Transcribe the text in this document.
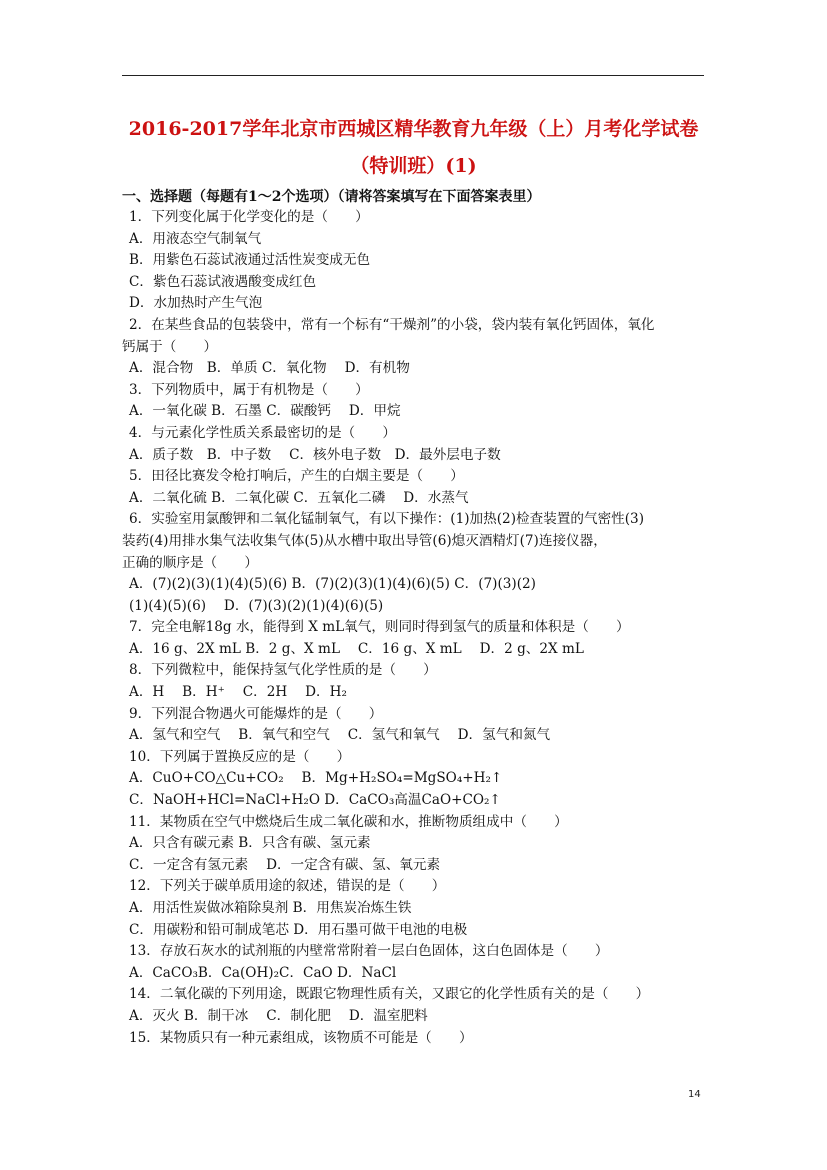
2016-2017学年北京市西城区精华教育九年级（上）月考化学试卷
（特训班）(1)
一、选择题（每题有1～2个选项）（请将答案填写在下面答案表里）
1．下列变化属于化学变化的是（　　）
A．用液态空气制氧气
B．用紫色石蕊试液通过活性炭变成无色
C．紫色石蕊试液遇酸变成红色
D．水加热时产生气泡
2．在某些食品的包装袋中，常有一个标有“干燥剂”的小袋，袋内装有氧化钙固体，氧化
钙属于（　　）
A．混合物　B．单质 C．氧化物　 D．有机物
3．下列物质中，属于有机物是（　　）
A．一氧化碳 B．石墨 C．碳酸钙　 D．甲烷
4．与元素化学性质关系最密切的是（　　）
A．质子数　B．中子数　 C．核外电子数　D．最外层电子数
5．田径比赛发令枪打响后，产生的白烟主要是（　　）
A．二氧化硫 B．二氧化碳 C．五氧化二磷　 D．水蒸气
6．实验室用氯酸钾和二氧化锰制氧气，有以下操作：(1)加热(2)检查装置的气密性(3)
装药(4)用排水集气法收集气体(5)从水槽中取出导管(6)熄灭酒精灯(7)连接仪器，
正确的顺序是（　　）
A．(7)(2)(3)(1)(4)(5)(6) B．(7)(2)(3)(1)(4)(6)(5) C．(7)(3)(2)
(1)(4)(5)(6)　 D．(7)(3)(2)(1)(4)(6)(5)
7．完全电解18g 水，能得到 X mL氧气，则同时得到氢气的质量和体积是（　　）
A．16 g、2X mL B．2 g、X mL　 C．16 g、X mL　 D．2 g、2X mL
8．下列微粒中，能保持氢气化学性质的是（　　）
A．H　 B．H⁺　 C．2H　 D．H₂
9．下列混合物遇火可能爆炸的是（　　）
A．氢气和空气　 B．氧气和空气　 C．氢气和氧气　 D．氢气和氮气
10．下列属于置换反应的是（　　）
A．CuO+CO△Cu+CO₂　 B．Mg+H₂SO₄=MgSO₄+H₂↑
C．NaOH+HCl=NaCl+H₂O D．CaCO₃高温CaO+CO₂↑
11．某物质在空气中燃烧后生成二氧化碳和水，推断物质组成中（　　）
A．只含有碳元素 B．只含有碳、氢元素
C．一定含有氢元素　 D．一定含有碳、氢、氧元素
12．下列关于碳单质用途的叙述，错误的是（　　）
A．用活性炭做冰箱除臭剂 B．用焦炭冶炼生铁
C．用碳粉和铅可制成笔芯 D．用石墨可做干电池的电极
13．存放石灰水的试剂瓶的内壁常常附着一层白色固体，这白色固体是（　　）
A．CaCO₃B．Ca(OH)₂C．CaO D．NaCl
14．二氧化碳的下列用途，既跟它物理性质有关，又跟它的化学性质有关的是（　　）
A．灭火 B．制干冰　 C．制化肥　 D．温室肥料
15．某物质只有一种元素组成，该物质不可能是（　　）
14
